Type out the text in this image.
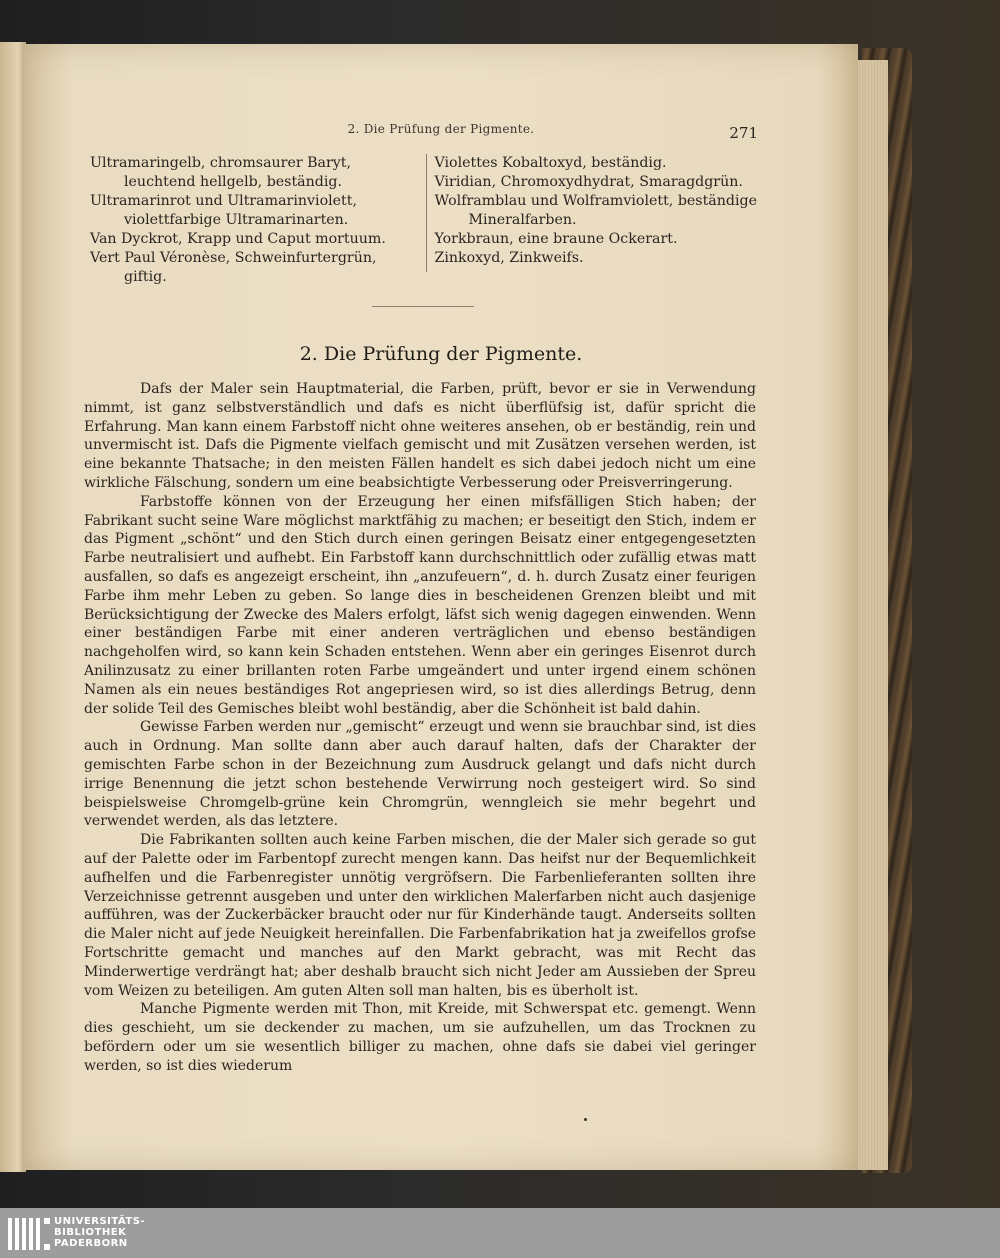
2. Die Prüfung der Pigmente.	271
Ultramaringelb, chromsaurer Baryt, leuchtend hellgelb, beständig.
Ultramarinrot und Ultramarinviolett, violettfarbige Ultramarinarten.
Van Dyckrot, Krapp und Caput mortuum.
Vert Paul Véronèse, Schweinfurtergrün, giftig.
Violettes Kobaltoxyd, beständig.
Viridian, Chromoxydhydrat, Smaragdgrün.
Wolframblau und Wolframviolett, beständige Mineralfarben.
Yorkbraun, eine braune Ockerart.
Zinkoxyd, Zinkweifs.
2. Die Prüfung der Pigmente.

Dafs der Maler sein Hauptmaterial, die Farben, prüft, bevor er sie in Verwendung nimmt, ist ganz selbstverständlich und dafs es nicht überflüfsig ist, dafür spricht die Erfahrung. Man kann einem Farbstoff nicht ohne weiteres ansehen, ob er beständig, rein und unvermischt ist. Dafs die Pigmente vielfach gemischt und mit Zusätzen versehen werden, ist eine bekannte Thatsache; in den meisten Fällen handelt es sich dabei jedoch nicht um eine wirkliche Fälschung, sondern um eine beabsichtigte Verbesserung oder Preisverringerung.

Farbstoffe können von der Erzeugung her einen mifsfälligen Stich haben; der Fabrikant sucht seine Ware möglichst marktfähig zu machen; er beseitigt den Stich, indem er das Pigment „schönt“ und den Stich durch einen geringen Beisatz einer entgegengesetzten Farbe neutralisiert und aufhebt. Ein Farbstoff kann durchschnittlich oder zufällig etwas matt ausfallen, so dafs es angezeigt erscheint, ihn „anzufeuern“, d. h. durch Zusatz einer feurigen Farbe ihm mehr Leben zu geben. So lange dies in bescheidenen Grenzen bleibt und mit Berücksichtigung der Zwecke des Malers erfolgt, läfst sich wenig dagegen einwenden. Wenn einer beständigen Farbe mit einer anderen verträglichen und ebenso beständigen nachgeholfen wird, so kann kein Schaden entstehen. Wenn aber ein geringes Eisenrot durch Anilinzusatz zu einer brillanten roten Farbe umgeändert und unter irgend einem schönen Namen als ein neues beständiges Rot angepriesen wird, so ist dies allerdings Betrug, denn der solide Teil des Gemisches bleibt wohl beständig, aber die Schönheit ist bald dahin.

Gewisse Farben werden nur „gemischt“ erzeugt und wenn sie brauchbar sind, ist dies auch in Ordnung. Man sollte dann aber auch darauf halten, dafs der Charakter der gemischten Farbe schon in der Bezeichnung zum Ausdruck gelangt und dafs nicht durch irrige Benennung die jetzt schon bestehende Verwirrung noch gesteigert wird. So sind beispielsweise Chromgelb-grüne kein Chromgrün, wenngleich sie mehr begehrt und verwendet werden, als das letztere.

Die Fabrikanten sollten auch keine Farben mischen, die der Maler sich gerade so gut auf der Palette oder im Farbentopf zurecht mengen kann. Das heifst nur der Bequemlichkeit aufhelfen und die Farbenregister unnötig vergröfsern. Die Farbenlieferanten sollten ihre Verzeichnisse getrennt ausgeben und unter den wirklichen Malerfarben nicht auch dasjenige aufführen, was der Zuckerbäcker braucht oder nur für Kinderhände taugt. Anderseits sollten die Maler nicht auf jede Neuigkeit hereinfallen. Die Farbenfabrikation hat ja zweifellos grofse Fortschritte gemacht und manches auf den Markt gebracht, was mit Recht das Minderwertige verdrängt hat; aber deshalb braucht sich nicht Jeder am Aussieben der Spreu vom Weizen zu beteiligen. Am guten Alten soll man halten, bis es überholt ist.

Manche Pigmente werden mit Thon, mit Kreide, mit Schwerspat etc. gemengt. Wenn dies geschieht, um sie deckender zu machen, um sie aufzuhellen, um das Trocknen zu befördern oder um sie wesentlich billiger zu machen, ohne dafs sie dabei viel geringer werden, so ist dies wiederum

UNIVERSITÄTS-
BIBLIOTHEK
PADERBORN
